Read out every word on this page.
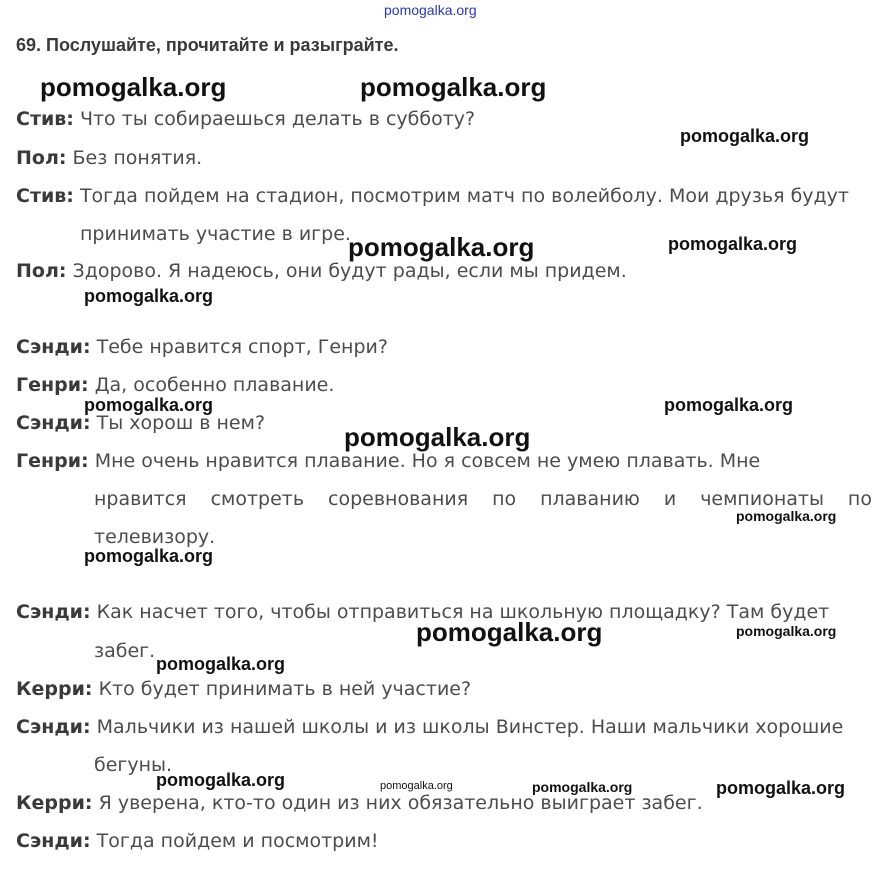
pomogalka.org
69. Послушайте, прочитайте и разыграйте.
Стив: Что ты собираешься делать в субботу?
Пол: Без понятия.
Стив: Тогда пойдем на стадион, посмотрим матч по волейболу. Мои друзья будут
принимать участие в игре.
Пол: Здорово. Я надеюсь, они будут рады, если мы придем.
Сэнди: Тебе нравится спорт, Генри?
Генри: Да, особенно плавание.
Сэнди: Ты хорош в нем?
Генри: Мне очень нравится плавание. Но я совсем не умею плавать. Мне
нравится смотреть соревнования по плаванию и чемпионаты по
телевизору.
Сэнди: Как насчет того, чтобы отправиться на школьную площадку? Там будет
забег.
Керри: Кто будет принимать в ней участие?
Сэнди: Мальчики из нашей школы и из школы Винстер. Наши мальчики хорошие
бегуны.
Керри: Я уверена, кто-то один из них обязательно выиграет забег.
Сэнди: Тогда пойдем и посмотрим!
pomogalka.org	pomogalka.org
pomogalka.org
pomogalka.org	pomogalka.org
pomogalka.org
pomogalka.org	pomogalka.org
pomogalka.org
pomogalka.org
pomogalka.org
pomogalka.org	pomogalka.org
pomogalka.org
pomogalka.org	pomogalka.org	pomogalka.org	pomogalka.org
